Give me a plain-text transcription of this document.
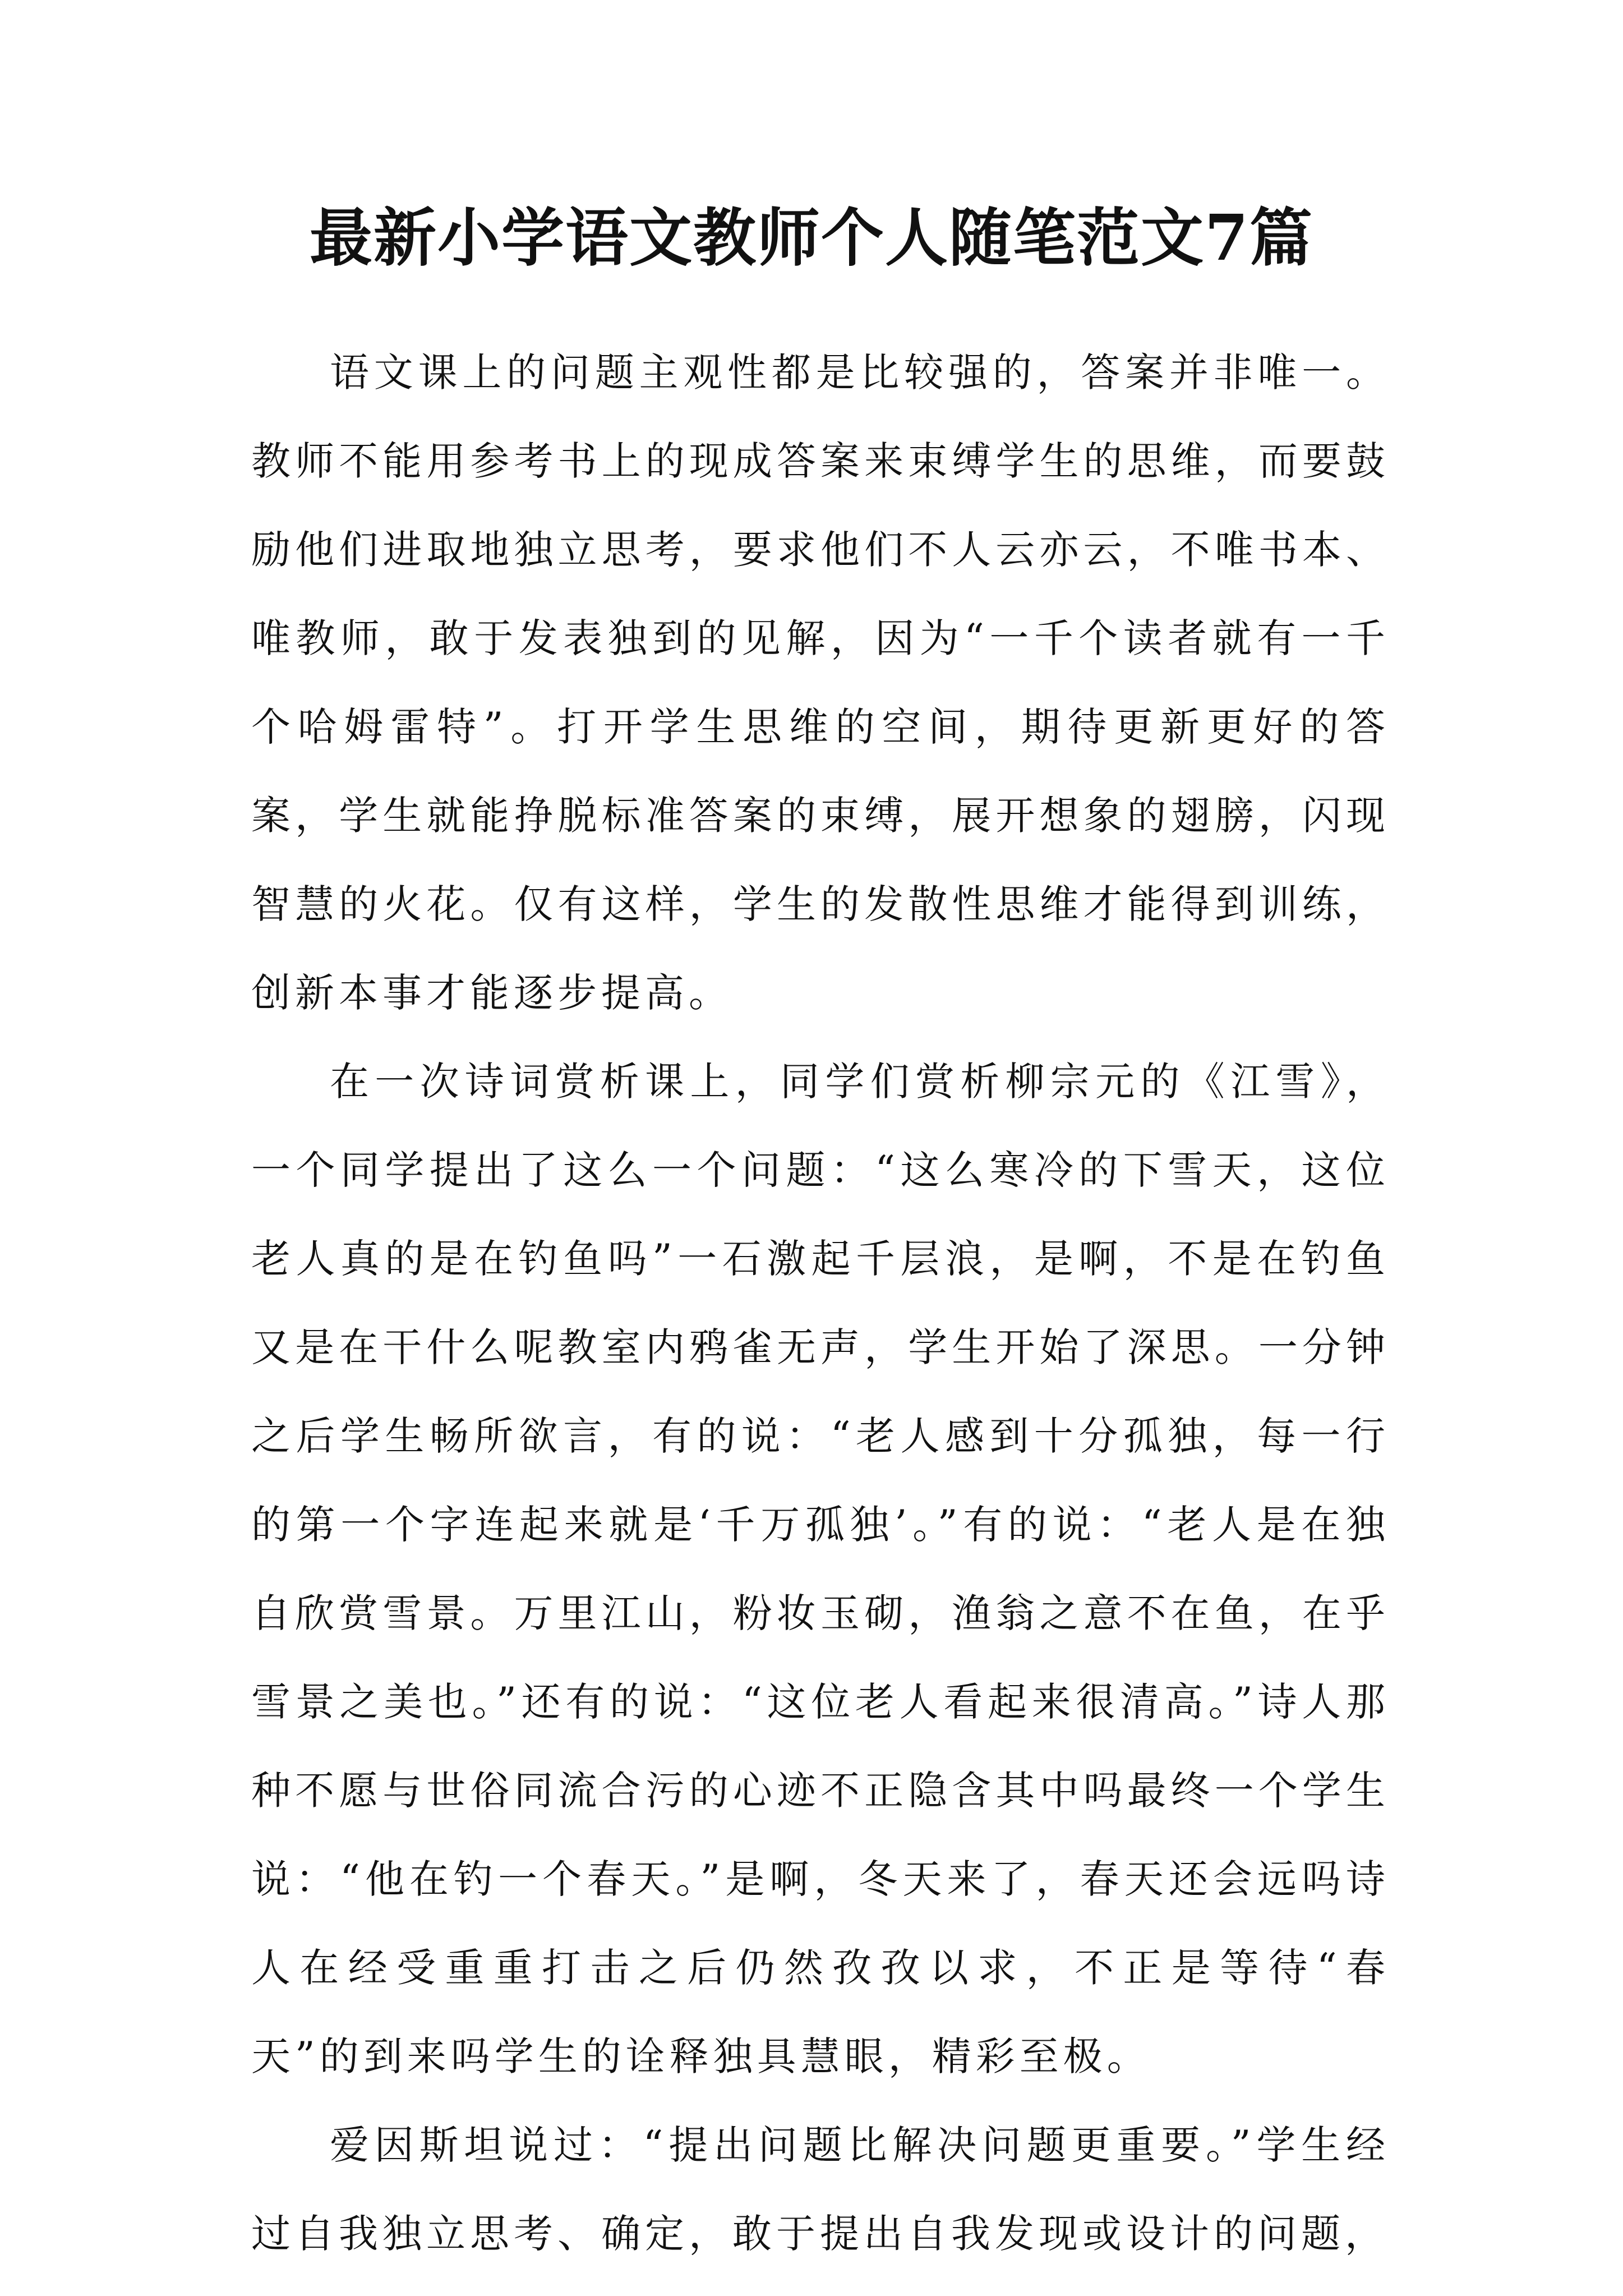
最新小学语文教师个人随笔范文7篇

语文课上的问题主观性都是比较强的，答案并非唯一。教师不能用参考书上的现成答案来束缚学生的思维，而要鼓励他们进取地独立思考，要求他们不人云亦云，不唯书本、唯教师，敢于发表独到的见解，因为“一千个读者就有一千个哈姆雷特”。打开学生思维的空间，期待更新更好的答案，学生就能挣脱标准答案的束缚，展开想象的翅膀，闪现智慧的火花。仅有这样，学生的发散性思维才能得到训练，创新本事才能逐步提高。

在一次诗词赏析课上，同学们赏析柳宗元的《江雪》，一个同学提出了这么一个问题：“这么寒冷的下雪天，这位老人真的是在钓鱼吗”一石激起千层浪，是啊，不是在钓鱼又是在干什么呢教室内鸦雀无声，学生开始了深思。一分钟之后学生畅所欲言，有的说：“老人感到十分孤独，每一行的第一个字连起来就是‘千万孤独’。”有的说：“老人是在独自欣赏雪景。万里江山，粉妆玉砌，渔翁之意不在鱼，在乎雪景之美也。”还有的说：“这位老人看起来很清高。”诗人那种不愿与世俗同流合污的心迹不正隐含其中吗最终一个学生说：“他在钓一个春天。”是啊，冬天来了，春天还会远吗诗人在经受重重打击之后仍然孜孜以求，不正是等待“春天”的到来吗学生的诠释独具慧眼，精彩至极。

爱因斯坦说过：“提出问题比解决问题更重要。”学生经过自我独立思考、确定，敢于提出自我发现或设计的问题，
